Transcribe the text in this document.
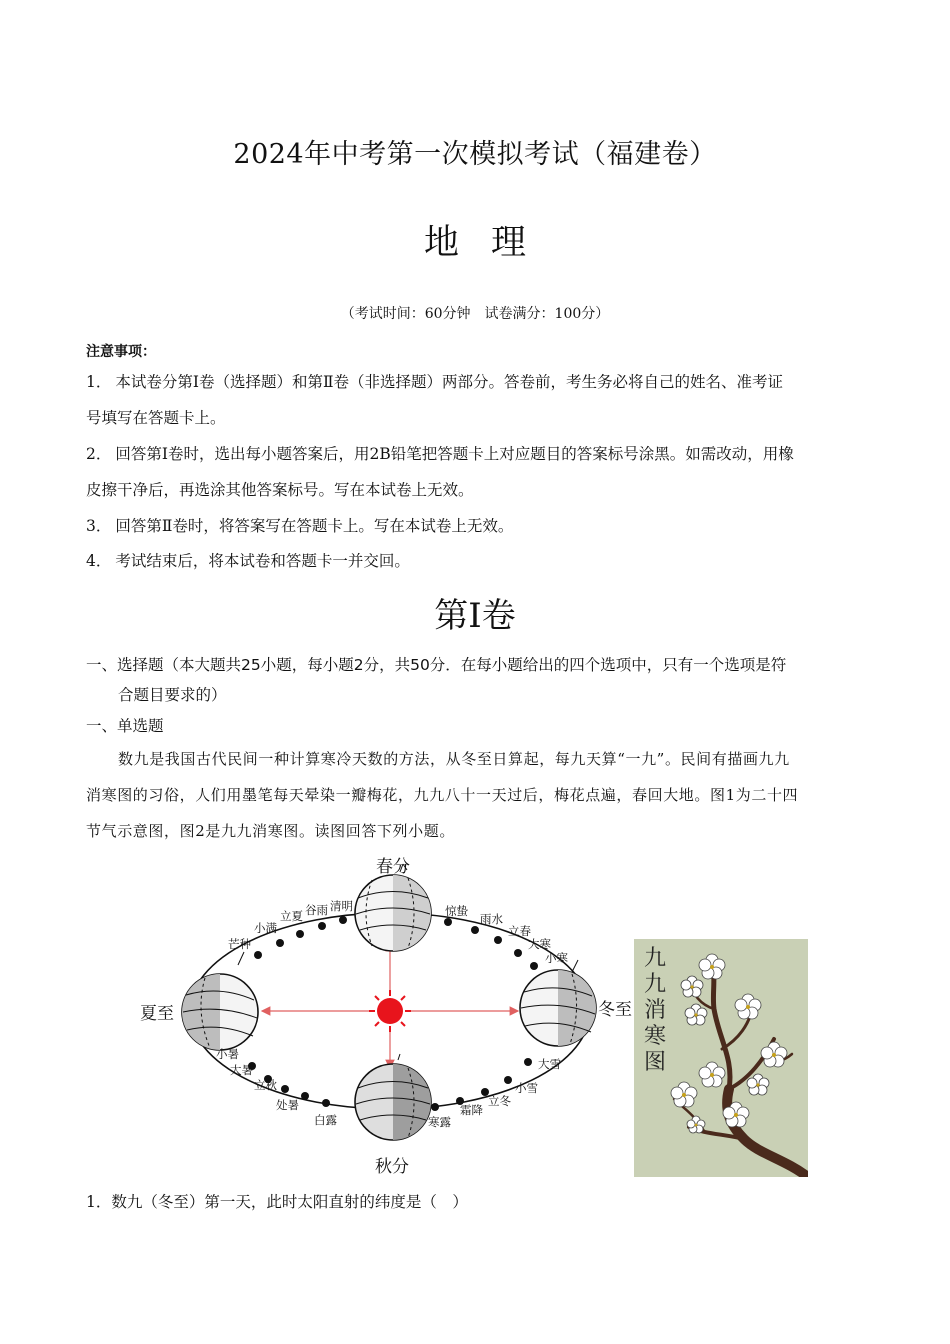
2024年中考第一次模拟考试（福建卷）
地理
（考试时间：60分钟　试卷满分：100分）
注意事项：
1． 本试卷分第Ⅰ卷（选择题）和第Ⅱ卷（非选择题）两部分。答卷前，考生务必将自己的姓名、准考证
号填写在答题卡上。
2． 回答第Ⅰ卷时，选出每小题答案后，用2B铅笔把答题卡上对应题目的答案标号涂黑。如需改动，用橡
皮擦干净后，再选涂其他答案标号。写在本试卷上无效。
3． 回答第Ⅱ卷时，将答案写在答题卡上。写在本试卷上无效。
4． 考试结束后，将本试卷和答题卡一并交回。
第Ⅰ卷
一、选择题（本大题共25小题，每小题2分，共50分．在每小题给出的四个选项中，只有一个选项是符
合题目要求的）
一、单选题
数九是我国古代民间一种计算寒冷天数的方法，从冬至日算起，每九天算“一九”。民间有描画九九
消寒图的习俗，人们用墨笔每天晕染一瓣梅花，九九八十一天过后，梅花点遍，春回大地。图1为二十四
节气示意图，图2是九九消寒图。读图回答下列小题。
春分
夏至
秋分
冬至
立夏 谷雨 清明
小满
芒种
惊蛰
雨水
立春
大寒
小寒
小暑
大暑
立秋
处暑
白露	寒露
霜降
立冬
小雪
大雪
九
九
消
寒
图
1．数九（冬至）第一天，此时太阳直射的纬度是（　）
